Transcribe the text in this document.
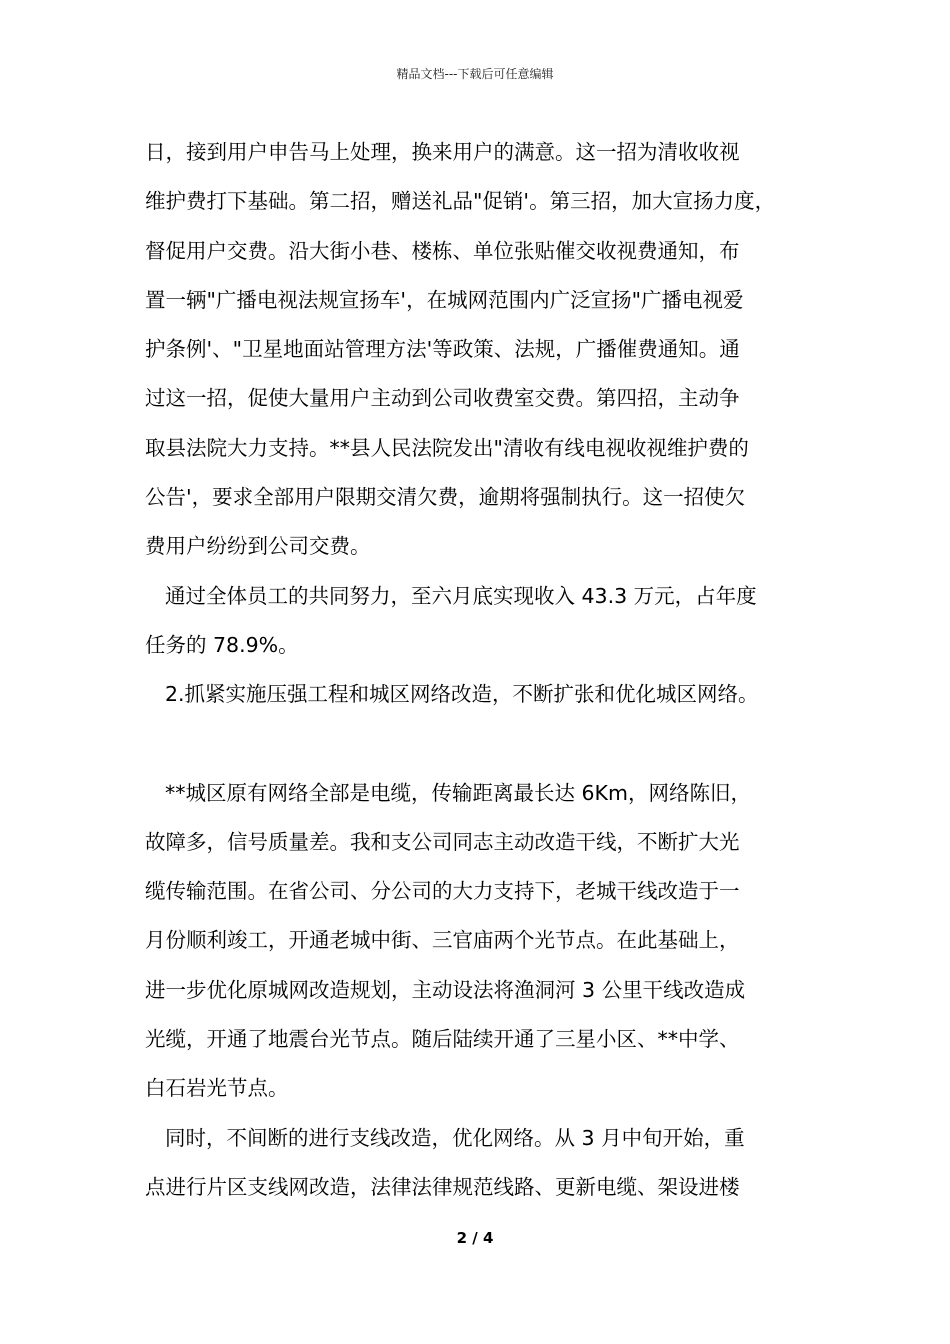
精品文档---下载后可任意编辑

日，接到用户申告马上处理，换来用户的满意。这一招为清收收视

维护费打下基础。第二招，赠送礼品"促销'。第三招，加大宣扬力度，

督促用户交费。沿大街小巷、楼栋、单位张贴催交收视费通知，布

置一辆"广播电视法规宣扬车'，在城网范围内广泛宣扬"广播电视爱

护条例'、"卫星地面站管理方法'等政策、法规，广播催费通知。通

过这一招，促使大量用户主动到公司收费室交费。第四招，主动争

取县法院大力支持。**县人民法院发出"清收有线电视收视维护费的

公告'，要求全部用户限期交清欠费，逾期将强制执行。这一招使欠

费用户纷纷到公司交费。

通过全体员工的共同努力，至六月底实现收入 43.3 万元，占年度

任务的 78.9%。

2.抓紧实施压强工程和城区网络改造，不断扩张和优化城区网络。

**城区原有网络全部是电缆，传输距离最长达 6Km，网络陈旧，

故障多，信号质量差。我和支公司同志主动改造干线，不断扩大光

缆传输范围。在省公司、分公司的大力支持下，老城干线改造于一

月份顺利竣工，开通老城中街、三官庙两个光节点。在此基础上，

进一步优化原城网改造规划，主动设法将渔洞河 3 公里干线改造成

光缆，开通了地震台光节点。随后陆续开通了三星小区、**中学、

白石岩光节点。

同时，不间断的进行支线改造，优化网络。从 3 月中旬开始，重

点进行片区支线网改造，法律法律规范线路、更新电缆、架设进楼

2 / 4
